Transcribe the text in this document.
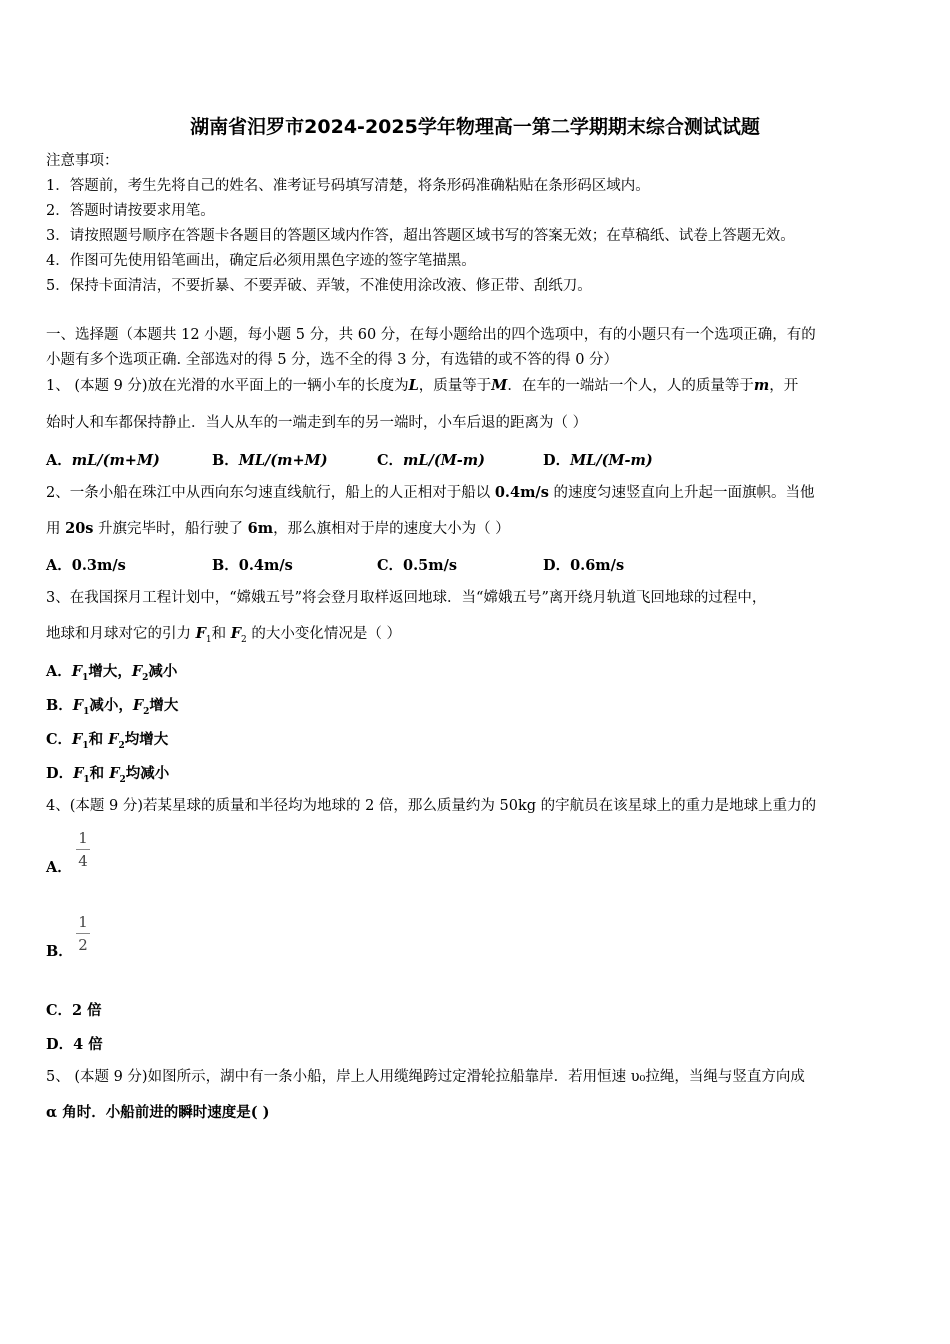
湖南省汨罗市2024-2025学年物理高一第二学期期末综合测试试题
注意事项：
1．答题前，考生先将自己的姓名、准考证号码填写清楚，将条形码准确粘贴在条形码区域内。
2．答题时请按要求用笔。
3．请按照题号顺序在答题卡各题目的答题区域内作答，超出答题区域书写的答案无效；在草稿纸、试卷上答题无效。
4．作图可先使用铅笔画出，确定后必须用黑色字迹的签字笔描黑。
5．保持卡面清洁，不要折暴、不要弄破、弄皱，不准使用涂改液、修正带、刮纸刀。
一、选择题（本题共 12 小题，每小题 5 分，共 60 分，在每小题给出的四个选项中，有的小题只有一个选项正确，有的
小题有多个选项正确. 全部选对的得 5 分，选不全的得 3 分，有选错的或不答的得 0 分）
1、 (本题 9 分)放在光滑的水平面上的一辆小车的长度为L，质量等于M．在车的一端站一个人，人的质量等于m，开
始时人和车都保持静止．当人从车的一端走到车的另一端时，小车后退的距离为（ ）
A．mL/(m+M)	B．ML/(m+M)	C．mL/(M-m)	D．ML/(M-m)
2、一条小船在珠江中从西向东匀速直线航行，船上的人正相对于船以 0.4m/s 的速度匀速竖直向上升起一面旗帜。当他
用 20s 升旗完毕时，船行驶了 6m，那么旗相对于岸的速度大小为（ ）
A．0.3m/s	B．0.4m/s	C．0.5m/s	D．0.6m/s
3、在我国探月工程计划中，“嫦娥五号”将会登月取样返回地球．当“嫦娥五号”离开绕月轨道飞回地球的过程中，
地球和月球对它的引力 $F_1$和 $F_2$ 的大小变化情况是（ ）
A．$F_1$增大，$F_2$减小
B．$F_1$减小，$F_2$增大
C．$F_1$和 $F_2$均增大
D．$F_1$和 $F_2$均减小
4、(本题 9 分)若某星球的质量和半径均为地球的 2 倍，那么质量约为 50kg 的宇航员在该星球上的重力是地球上重力的
A．
1
4
B．
1
2
C．2 倍
D．4 倍
5、 (本题 9 分)如图所示，湖中有一条小船，岸上人用缆绳跨过定滑轮拉船靠岸．若用恒速 υ₀拉绳，当绳与竖直方向成
α 角时．小船前进的瞬时速度是( )
